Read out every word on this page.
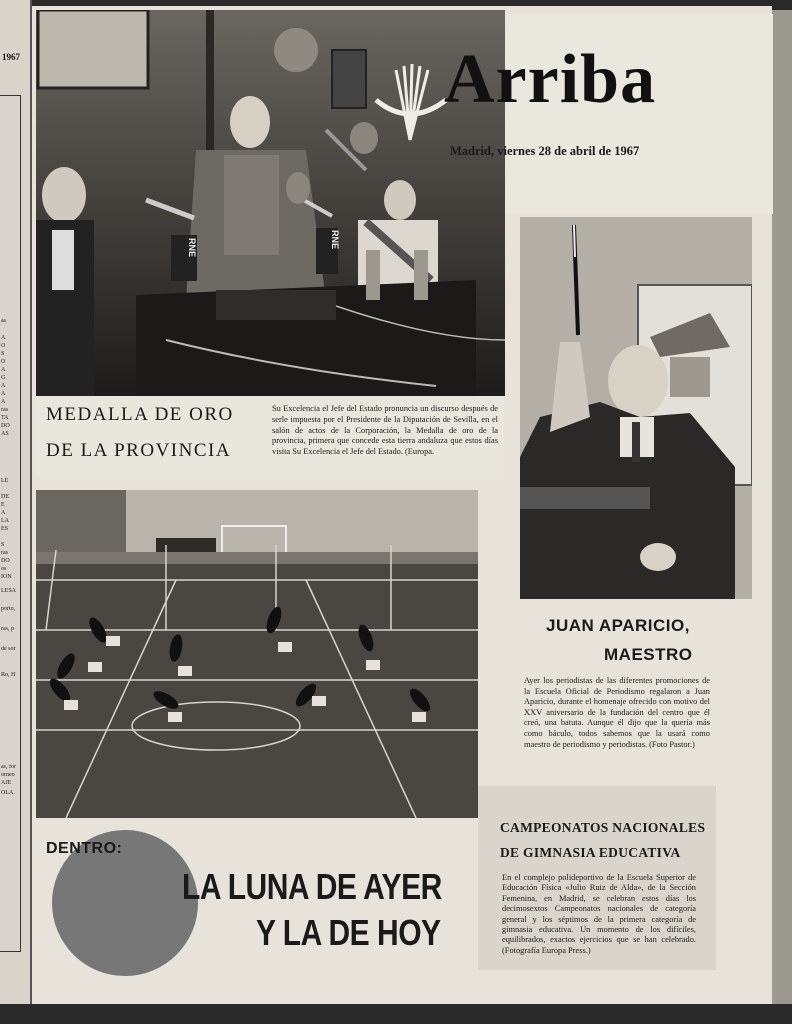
1967
as
A
O
S
O
A
G
A
A
A
ras
TA
DO
AS
LE
DE
E
A
LA
ES
S
ras
DO
os
IÓN
LESA
porto,
ras, p
de sor
Ro, H
as, for
orneo
AJE
OLA.
RNE	RNE
Arriba
Madrid, viernes 28 de abril de 1967
MEDALLA DE ORO
DE LA PROVINCIA
Su Excelencia el Jefe del Estado pronuncia un discurso después de serle impuesta por el Presidente de la Diputación de Sevilla, en el salón de actos de la Corporación, la Medalla de oro de la provincia, primera que concede esta tierra andaluza que estos días visita Su Excelencia el Jefe del Estado. (Europa.
JUAN APARICIO,
MAESTRO
Ayer los periodistas de las diferentes promociones de la Escuela Oficial de Periodismo regalaron a Juan Aparicio, durante el homenaje ofrecido con motivo del XXV aniversario de la fundación del centro que él creó, una batuta. Aunque él dijo que la quería más como báculo, todos sabemos que la usará como maestro de periodismo y periodistas. (Foto Pastor.)
CAMPEONATOS NACIONALES
DE GIMNASIA EDUCATIVA
En el complejo polideportivo de la Escuela Superior de Educación Física «Julio Ruiz de Alda», de la Sección Femenina, en Madrid, se celebran estos días los decimosextos Campeonatos nacionales de categoría general y los séptimos de la primera categoría de gimnasia educativa. Un momento de los difíciles, equilibrados, exactos ejercicios que se han celebrado. (Fotografía Europa Press.)
DENTRO:
LA LUNA DE AYER
Y LA DE HOY
